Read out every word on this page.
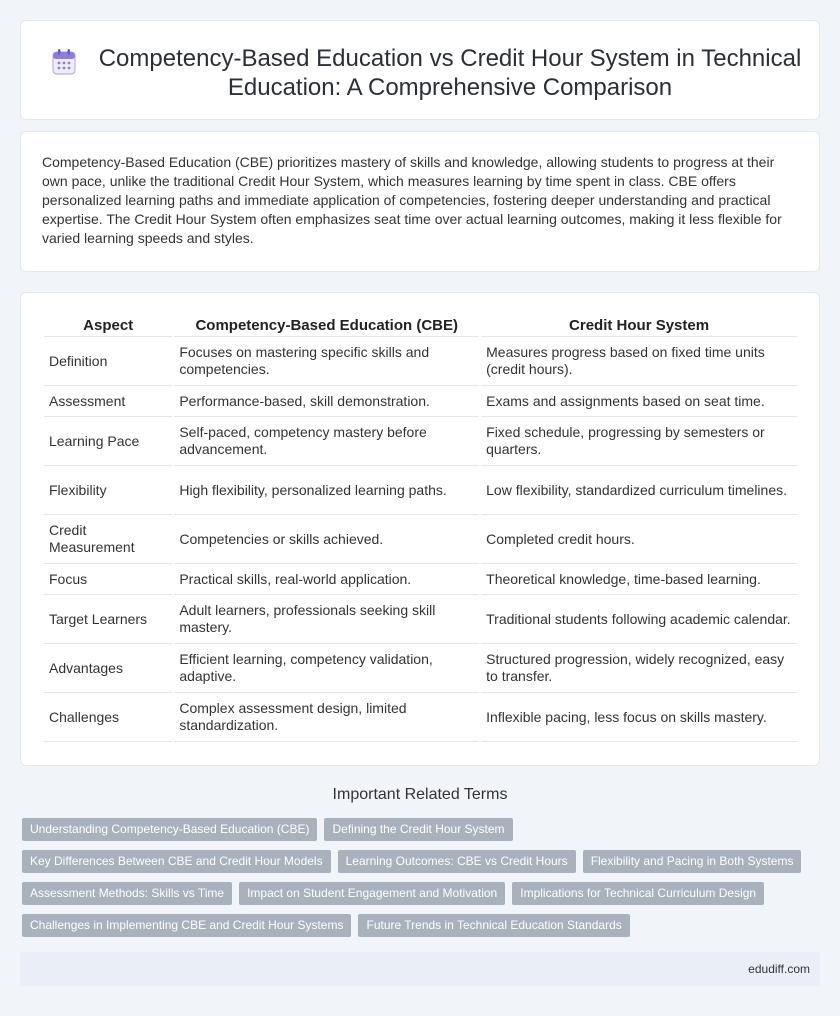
Competency-Based Education vs Credit Hour System in Technical Education: A Comprehensive Comparison

Competency-Based Education (CBE) prioritizes mastery of skills and knowledge, allowing students to progress at their own pace, unlike the traditional Credit Hour System, which measures learning by time spent in class. CBE offers personalized learning paths and immediate application of competencies, fostering deeper understanding and practical expertise. The Credit Hour System often emphasizes seat time over actual learning outcomes, making it less flexible for varied learning speeds and styles.

Aspect	Competency-Based Education (CBE)	Credit Hour System
Definition	Focuses on mastering specific skills and competencies.	Measures progress based on fixed time units (credit hours).
Assessment	Performance-based, skill demonstration.	Exams and assignments based on seat time.
Learning Pace	Self-paced, competency mastery before advancement.	Fixed schedule, progressing by semesters or quarters.
Flexibility	High flexibility, personalized learning paths.	Low flexibility, standardized curriculum timelines.
Credit Measurement	Competencies or skills achieved.	Completed credit hours.
Focus	Practical skills, real-world application.	Theoretical knowledge, time-based learning.
Target Learners	Adult learners, professionals seeking skill mastery.	Traditional students following academic calendar.
Advantages	Efficient learning, competency validation, adaptive.	Structured progression, widely recognized, easy to transfer.
Challenges	Complex assessment design, limited standardization.	Inflexible pacing, less focus on skills mastery.
Important Related Terms
Understanding Competency-Based Education (CBE)	Defining the Credit Hour System
Key Differences Between CBE and Credit Hour Models	Learning Outcomes: CBE vs Credit Hours	Flexibility and Pacing in Both Systems
Assessment Methods: Skills vs Time	Impact on Student Engagement and Motivation	Implications for Technical Curriculum Design
Challenges in Implementing CBE and Credit Hour Systems	Future Trends in Technical Education Standards
edudiff.com
